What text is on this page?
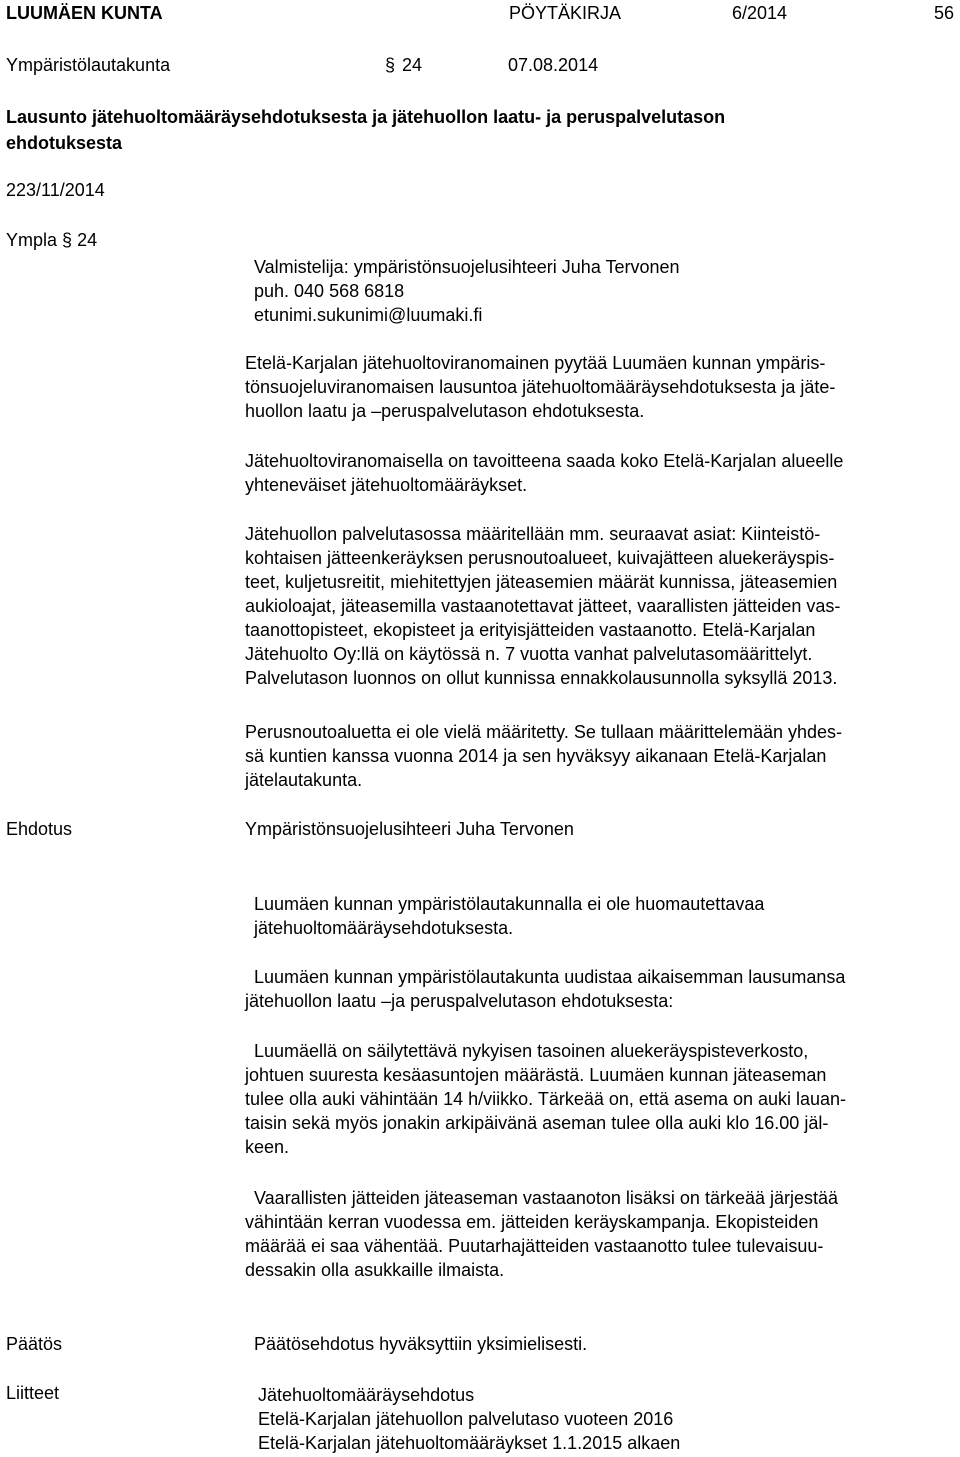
LUUMÄEN KUNTA	PÖYTÄKIRJA	6/2014	56
Ympäristölautakunta	§ 24	07.08.2014
Lausunto jätehuoltomääräysehdotuksesta ja jätehuollon laatu- ja peruspalvelutason
ehdotuksesta
223/11/2014
Ympla § 24
Valmistelija: ympäristönsuojelusihteeri Juha Tervonen
puh. 040 568 6818
etunimi.sukunimi@luumaki.fi
Etelä-Karjalan jätehuoltoviranomainen pyytää Luumäen kunnan ympäris-
tönsuojeluviranomaisen lausuntoa jätehuoltomääräysehdotuksesta ja jäte-
huollon laatu ja –peruspalvelutason ehdotuksesta.
Jätehuoltoviranomaisella on tavoitteena saada koko Etelä-Karjalan alueelle
yhteneväiset jätehuoltomääräykset.
Jätehuollon palvelutasossa määritellään mm. seuraavat asiat: Kiinteistö-
kohtaisen jätteenkeräyksen perusnoutoalueet, kuivajätteen aluekeräyspis-
teet, kuljetusreitit, miehitettyjen jäteasemien määrät kunnissa, jäteasemien
aukioloajat, jäteasemilla vastaanotettavat jätteet, vaarallisten jätteiden vas-
taanottopisteet, ekopisteet ja erityisjätteiden vastaanotto. Etelä-Karjalan
Jätehuolto Oy:llä on käytössä n. 7 vuotta vanhat palvelutasomäärittelyt.
Palvelutason luonnos on ollut kunnissa ennakkolausunnolla syksyllä 2013.
Perusnoutoaluetta ei ole vielä määritetty. Se tullaan määrittelemään yhdes-
sä kuntien kanssa vuonna 2014 ja sen hyväksyy aikanaan Etelä-Karjalan
jätelautakunta.
Ehdotus	Ympäristönsuojelusihteeri Juha Tervonen
Luumäen kunnan ympäristölautakunnalla ei ole huomautettavaa
jätehuoltomääräysehdotuksesta.
Luumäen kunnan ympäristölautakunta uudistaa aikaisemman lausumansa
jätehuollon laatu –ja peruspalvelutason ehdotuksesta:
Luumäellä on säilytettävä nykyisen tasoinen aluekeräyspisteverkosto,
johtuen suuresta kesäasuntojen määrästä. Luumäen kunnan jäteaseman
tulee olla auki vähintään 14 h/viikko. Tärkeää on, että asema on auki lauan-
taisin sekä myös jonakin arkipäivänä aseman tulee olla auki klo 16.00 jäl-
keen.
Vaarallisten jätteiden jäteaseman vastaanoton lisäksi on tärkeää järjestää
vähintään kerran vuodessa em. jätteiden keräyskampanja. Ekopisteiden
määrää ei saa vähentää. Puutarhajätteiden vastaanotto tulee tulevaisuu-
dessakin olla asukkaille ilmaista.
Päätös	Päätösehdotus hyväksyttiin yksimielisesti.
Liitteet	Jätehuoltomääräysehdotus
Etelä-Karjalan jätehuollon palvelutaso vuoteen 2016
Etelä-Karjalan jätehuoltomääräykset 1.1.2015 alkaen
